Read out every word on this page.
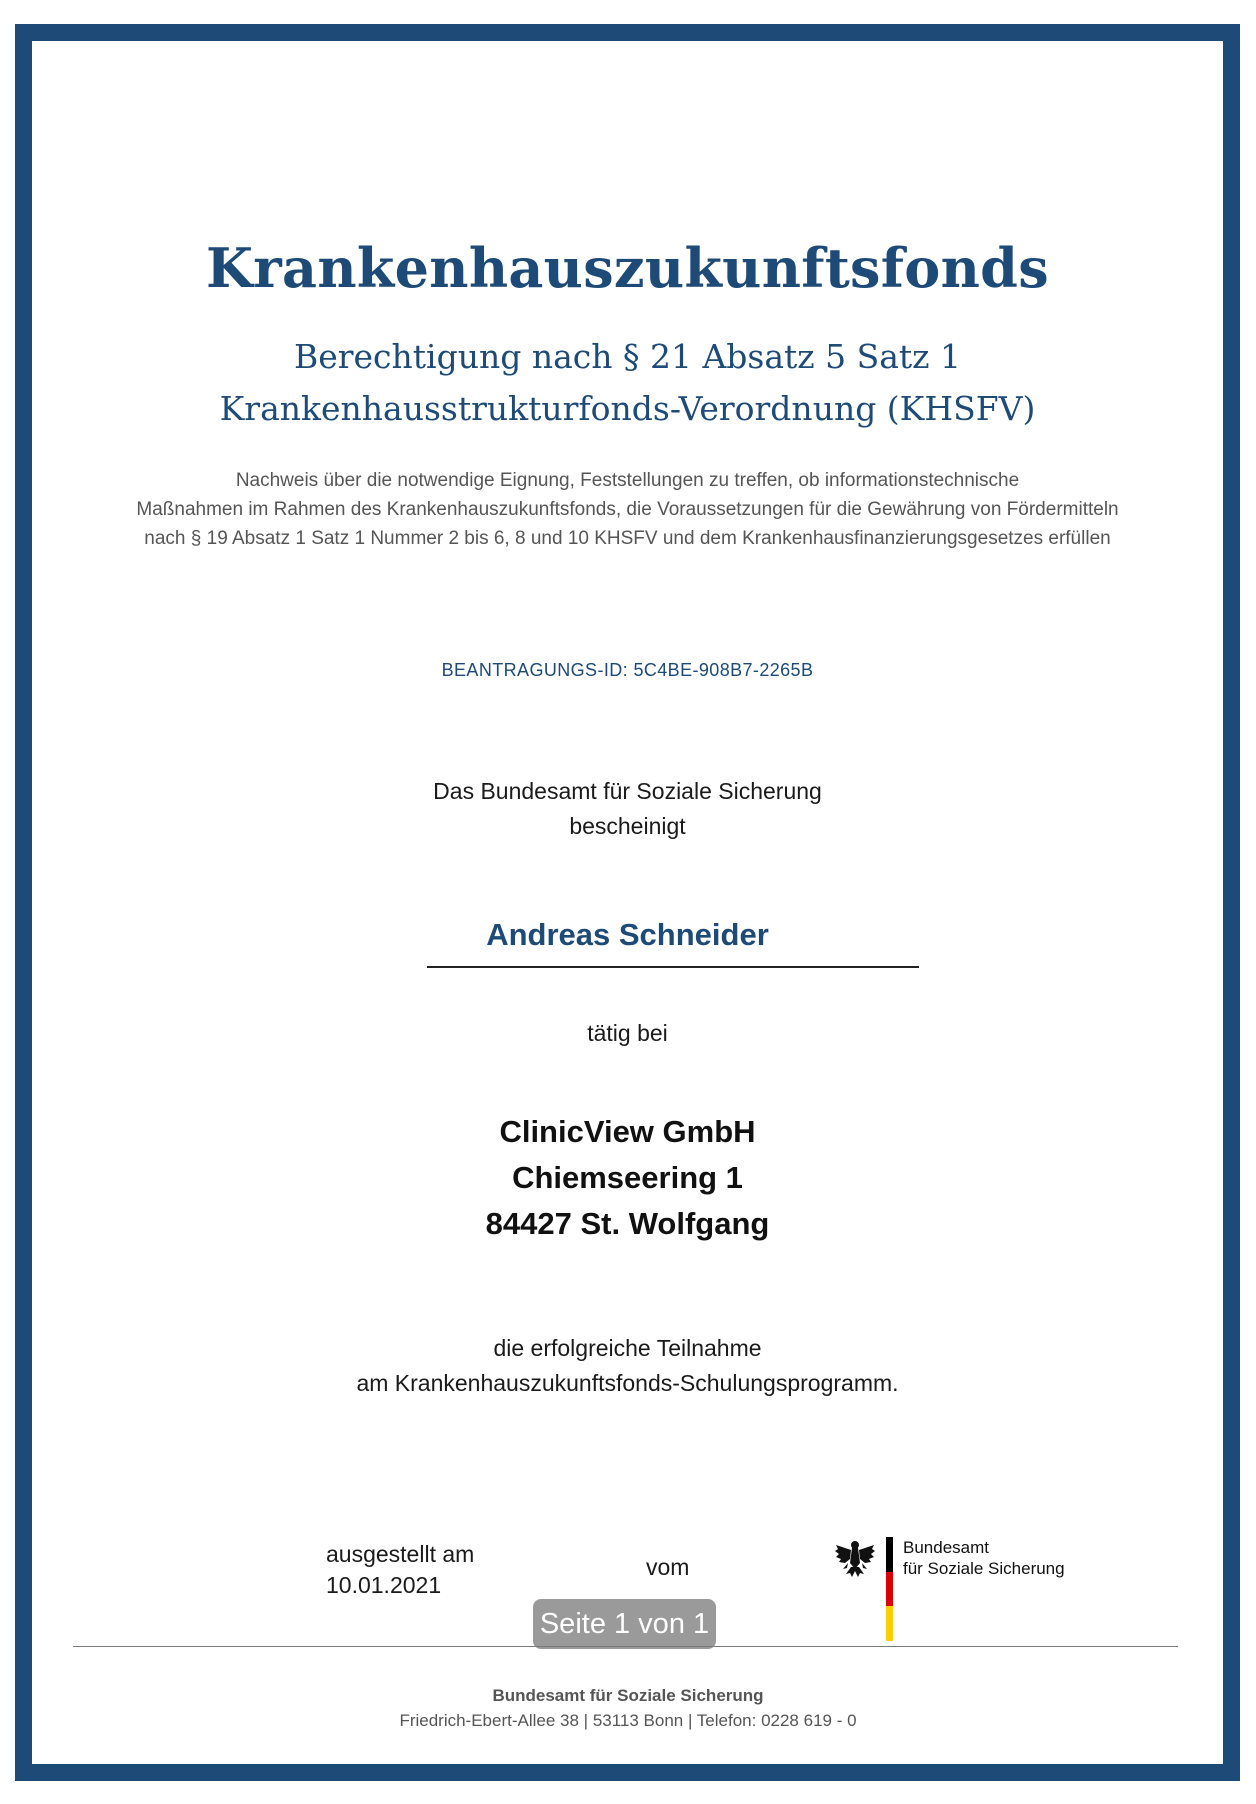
Krankenhauszukunftsfonds
Berechtigung nach § 21 Absatz 5 Satz 1
Krankenhausstrukturfonds-Verordnung (KHSFV)
Nachweis über die notwendige Eignung, Feststellungen zu treffen, ob informationstechnische
Maßnahmen im Rahmen des Krankenhauszukunftsfonds, die Voraussetzungen für die Gewährung von Fördermitteln
nach § 19 Absatz 1 Satz 1 Nummer 2 bis 6, 8 und 10 KHSFV und dem Krankenhausfinanzierungsgesetzes erfüllen
BEANTRAGUNGS-ID: 5C4BE-908B7-2265B
Das Bundesamt für Soziale Sicherung
bescheinigt
Andreas Schneider
tätig bei
ClinicView GmbH
Chiemseering 1
84427 St. Wolfgang
die erfolgreiche Teilnahme
am Krankenhauszukunftsfonds-Schulungsprogramm.
ausgestellt am
10.01.2021
vom
Bundesamt
für Soziale Sicherung
Seite 1 von 1
Bundesamt für Soziale Sicherung
Friedrich-Ebert-Allee 38 | 53113 Bonn | Telefon: 0228 619 - 0
